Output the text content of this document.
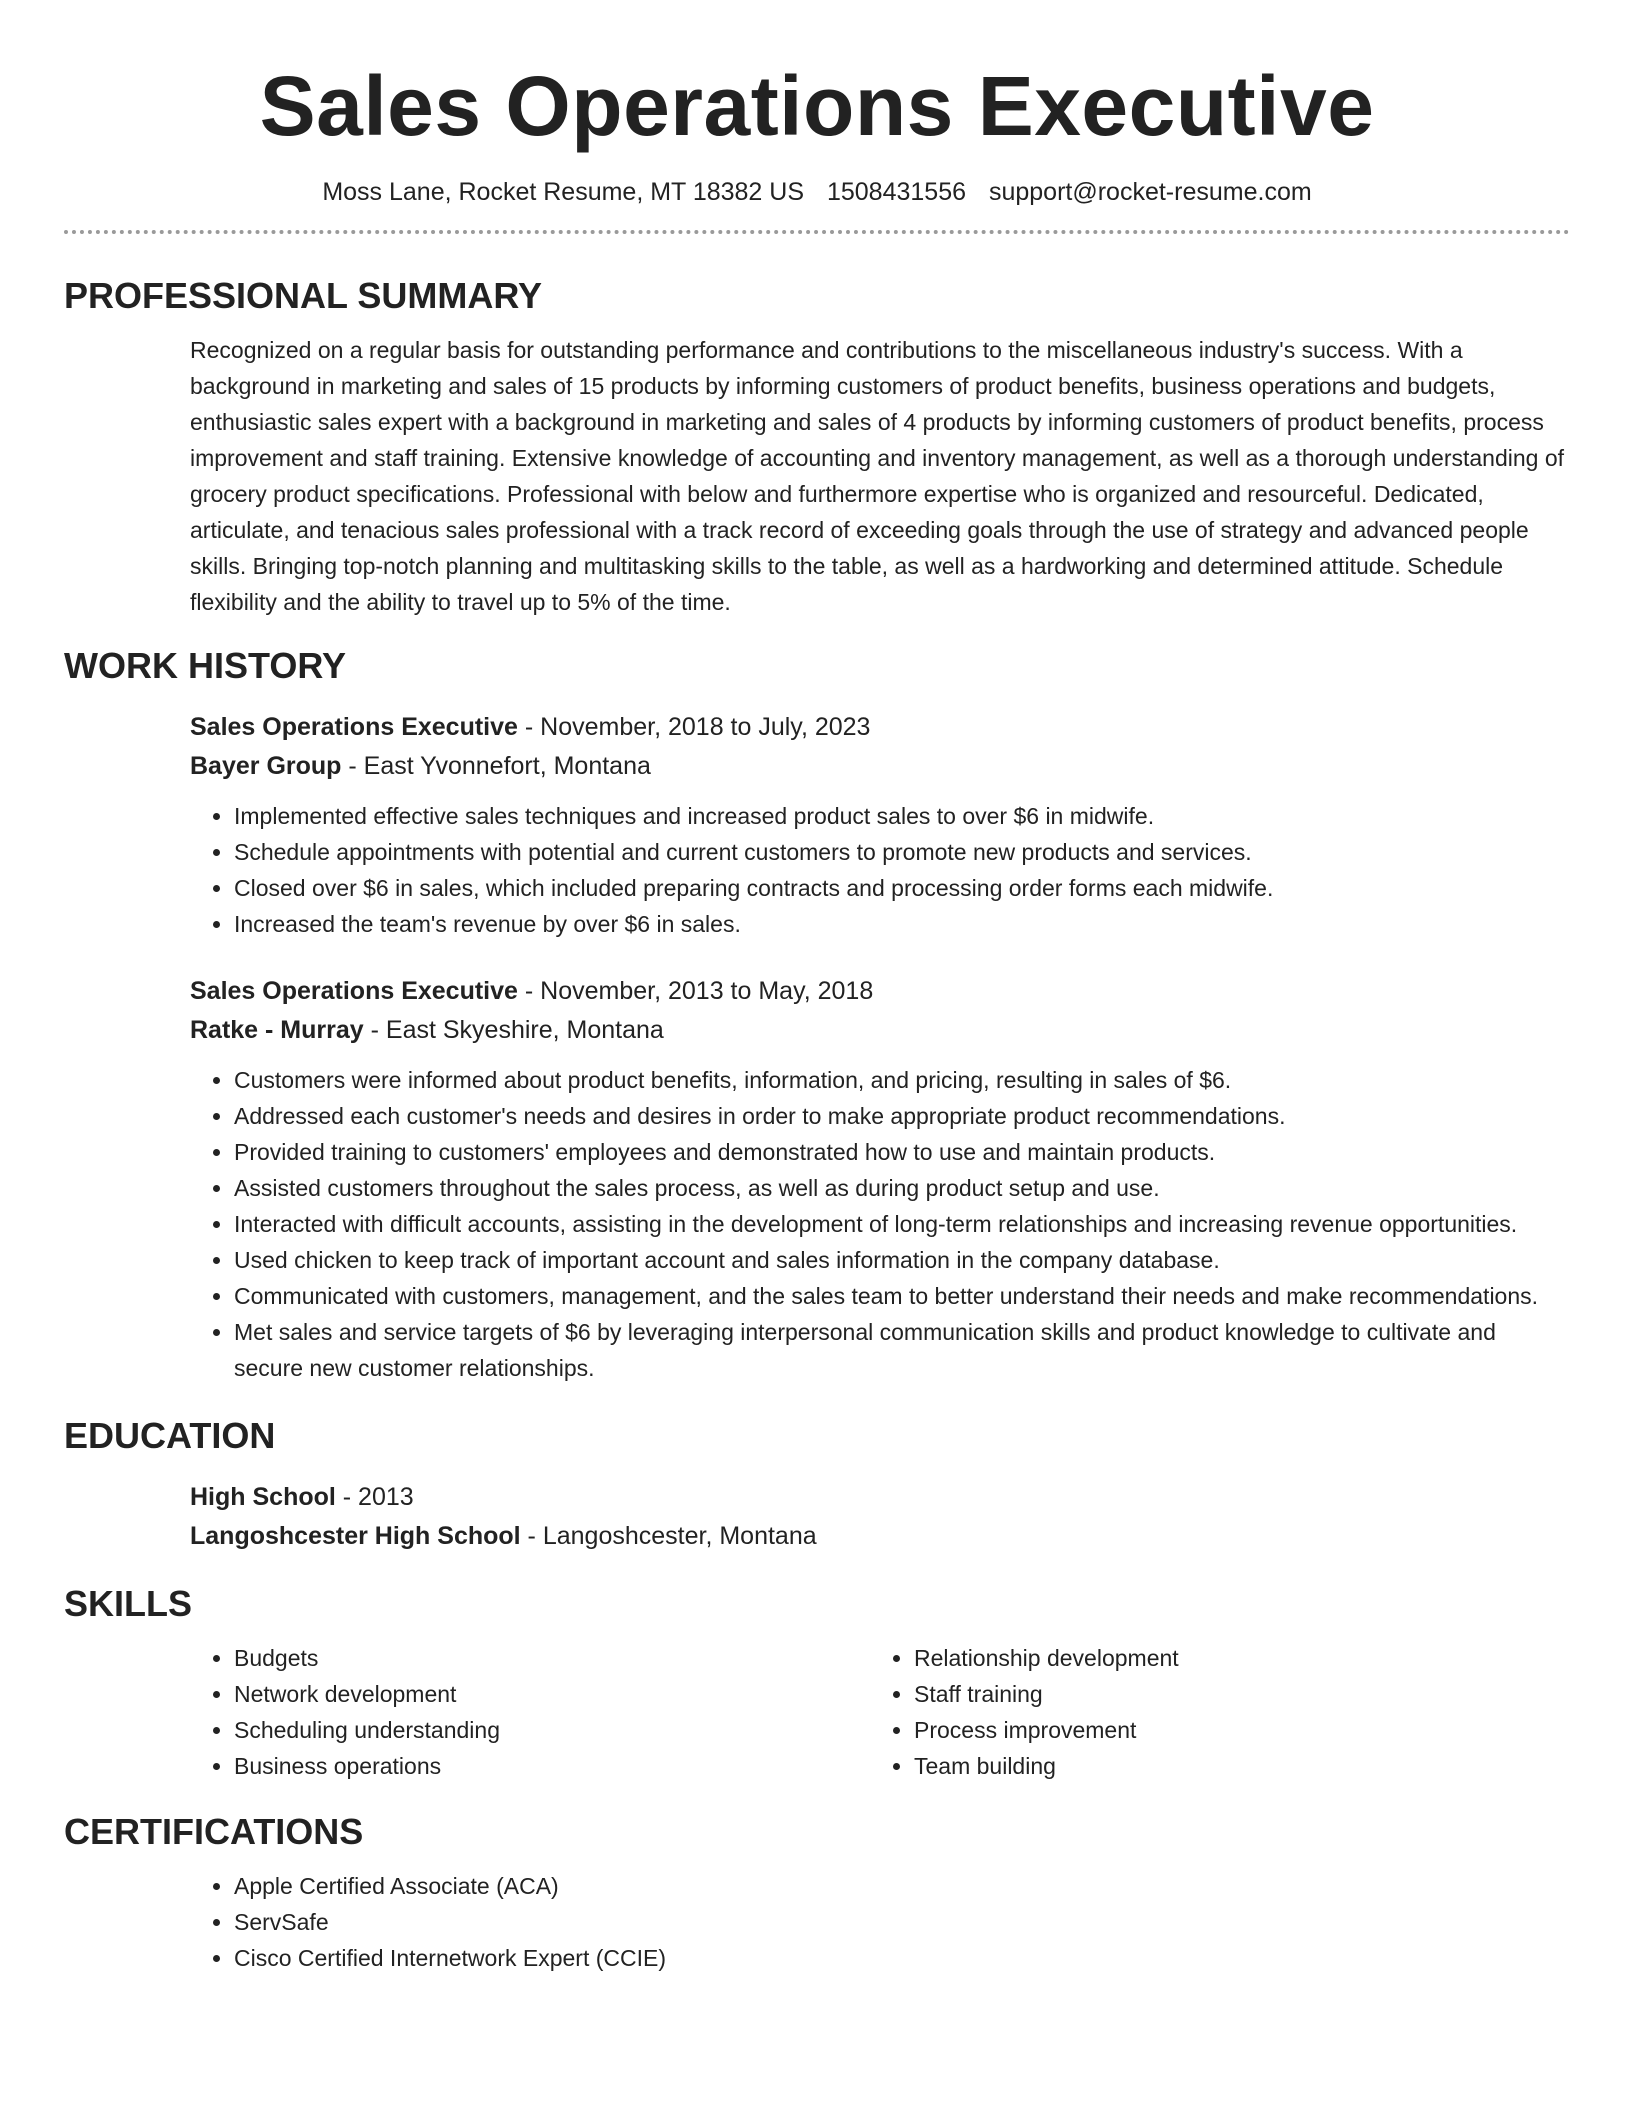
Sales Operations Executive
Moss Lane, Rocket Resume, MT 18382 US 1508431556 support@rocket-resume.com
PROFESSIONAL SUMMARY
Recognized on a regular basis for outstanding performance and contributions to the miscellaneous industry's success. With a background in marketing and sales of 15 products by informing customers of product benefits, business operations and budgets, enthusiastic sales expert with a background in marketing and sales of 4 products by informing customers of product benefits, process improvement and staff training. Extensive knowledge of accounting and inventory management, as well as a thorough understanding of grocery product specifications. Professional with below and furthermore expertise who is organized and resourceful. Dedicated, articulate, and tenacious sales professional with a track record of exceeding goals through the use of strategy and advanced people skills. Bringing top-notch planning and multitasking skills to the table, as well as a hardworking and determined attitude. Schedule flexibility and the ability to travel up to 5% of the time.
WORK HISTORY
Sales Operations Executive - November, 2018 to July, 2023
Bayer Group - East Yvonnefort, Montana
• Implemented effective sales techniques and increased product sales to over $6 in midwife.
• Schedule appointments with potential and current customers to promote new products and services.
• Closed over $6 in sales, which included preparing contracts and processing order forms each midwife.
• Increased the team's revenue by over $6 in sales.
Sales Operations Executive - November, 2013 to May, 2018
Ratke - Murray - East Skyeshire, Montana
• Customers were informed about product benefits, information, and pricing, resulting in sales of $6.
• Addressed each customer's needs and desires in order to make appropriate product recommendations.
• Provided training to customers' employees and demonstrated how to use and maintain products.
• Assisted customers throughout the sales process, as well as during product setup and use.
• Interacted with difficult accounts, assisting in the development of long-term relationships and increasing revenue opportunities.
• Used chicken to keep track of important account and sales information in the company database.
• Communicated with customers, management, and the sales team to better understand their needs and make recommendations.
• Met sales and service targets of $6 by leveraging interpersonal communication skills and product knowledge to cultivate and secure new customer relationships.
EDUCATION
High School - 2013
Langoshcester High School - Langoshcester, Montana
SKILLS
• Budgets
• Network development
• Scheduling understanding
• Business operations
• Relationship development
• Staff training
• Process improvement
• Team building
CERTIFICATIONS
• Apple Certified Associate (ACA)
• ServSafe
• Cisco Certified Internetwork Expert (CCIE)
